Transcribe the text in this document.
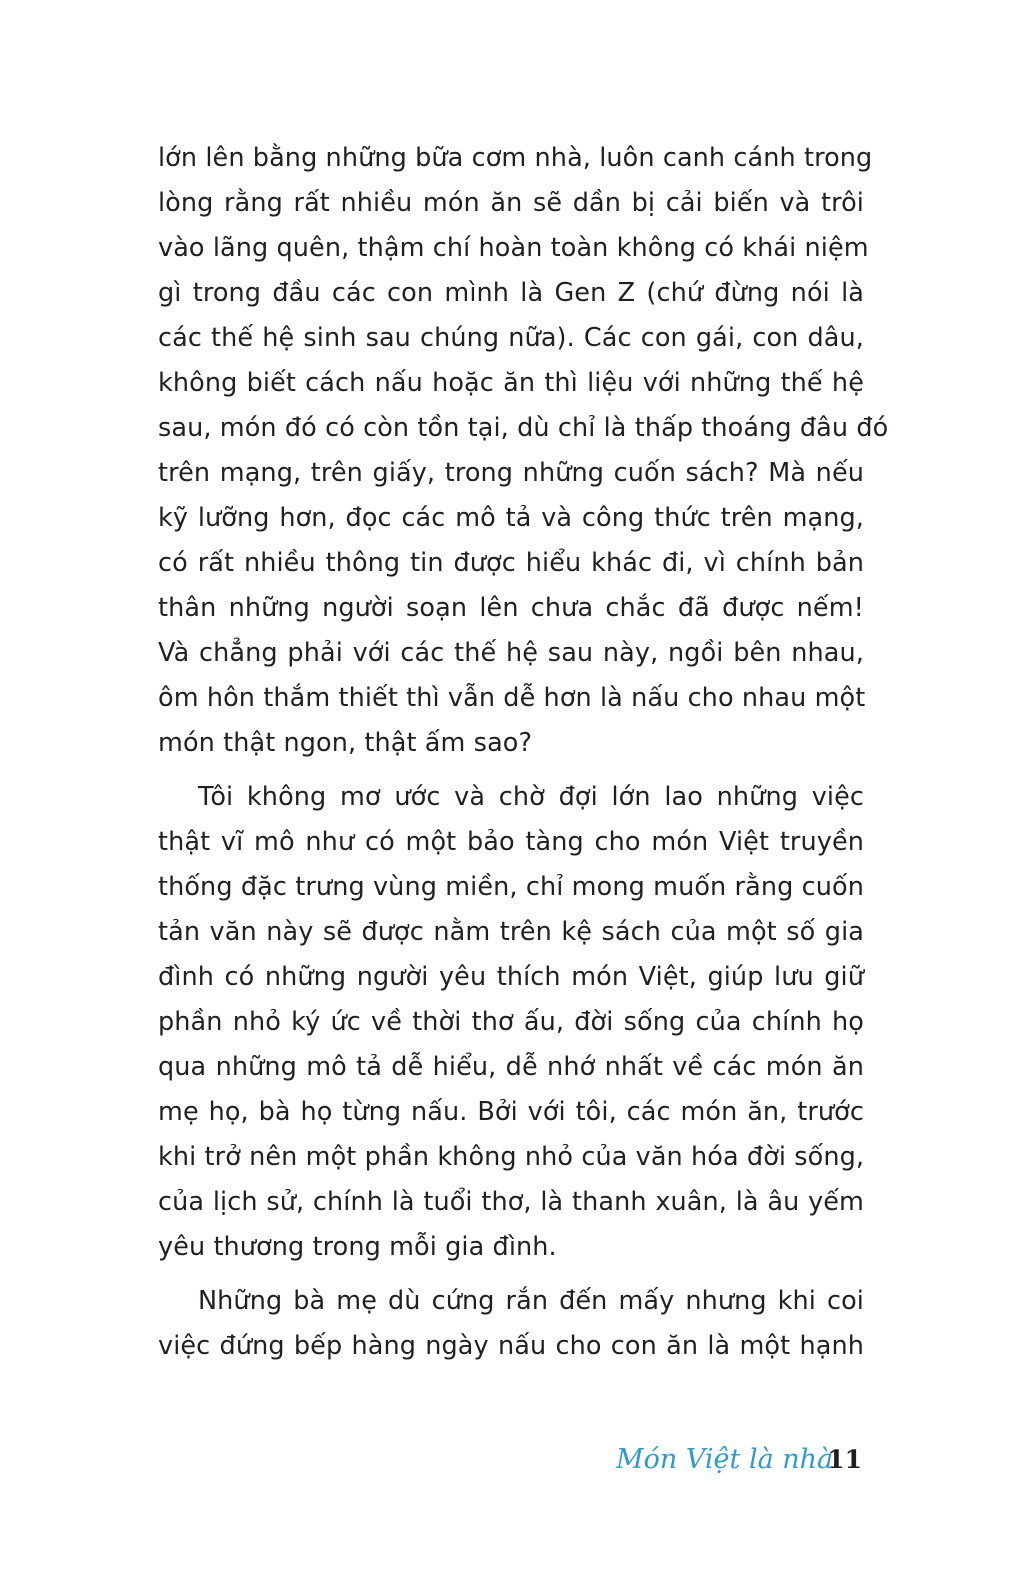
lớn lên bằng những bữa cơm nhà, luôn canh cánh trong
lòng rằng rất nhiều món ăn sẽ dần bị cải biến và trôi
vào lãng quên, thậm chí hoàn toàn không có khái niệm
gì trong đầu các con mình là Gen Z (chứ đừng nói là
các thế hệ sinh sau chúng nữa). Các con gái, con dâu,
không biết cách nấu hoặc ăn thì liệu với những thế hệ
sau, món đó có còn tồn tại, dù chỉ là thấp thoáng đâu đó
trên mạng, trên giấy, trong những cuốn sách? Mà nếu
kỹ lưỡng hơn, đọc các mô tả và công thức trên mạng,
có rất nhiều thông tin được hiểu khác đi, vì chính bản
thân những người soạn lên chưa chắc đã được nếm!
Và chẳng phải với các thế hệ sau này, ngồi bên nhau,
ôm hôn thắm thiết thì vẫn dễ hơn là nấu cho nhau một
món thật ngon, thật ấm sao?

Tôi không mơ ước và chờ đợi lớn lao những việc
thật vĩ mô như có một bảo tàng cho món Việt truyền
thống đặc trưng vùng miền, chỉ mong muốn rằng cuốn
tản văn này sẽ được nằm trên kệ sách của một số gia
đình có những người yêu thích món Việt, giúp lưu giữ
phần nhỏ ký ức về thời thơ ấu, đời sống của chính họ
qua những mô tả dễ hiểu, dễ nhớ nhất về các món ăn
mẹ họ, bà họ từng nấu. Bởi với tôi, các món ăn, trước
khi trở nên một phần không nhỏ của văn hóa đời sống,
của lịch sử, chính là tuổi thơ, là thanh xuân, là âu yếm
yêu thương trong mỗi gia đình.

Những bà mẹ dù cứng rắn đến mấy nhưng khi coi
việc đứng bếp hàng ngày nấu cho con ăn là một hạnh

Món Việt là nhà
11
